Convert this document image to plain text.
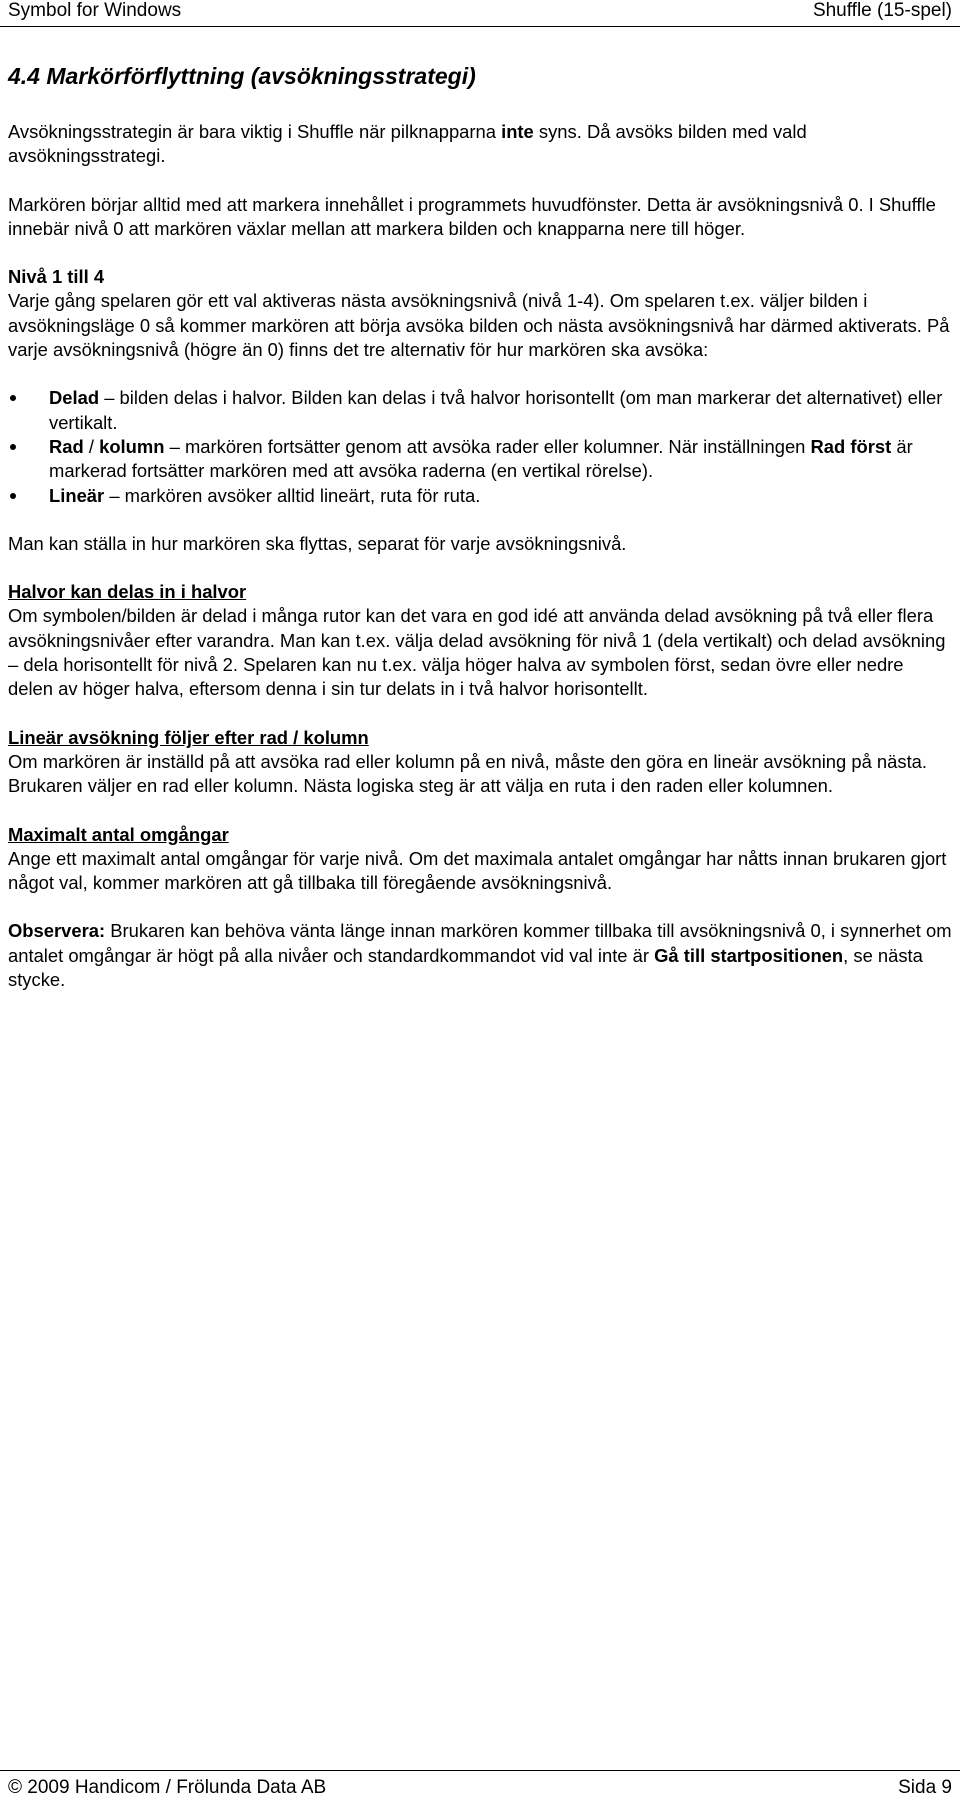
Symbol for Windows	Shuffle (15-spel)
4.4 Markörförflyttning (avsökningsstrategi)

Avsökningsstrategin är bara viktig i Shuffle när pilknapparna inte syns. Då avsöks bilden med vald avsökningsstrategi.

Markören börjar alltid med att markera innehållet i programmets huvudfönster. Detta är avsökningsnivå 0. I Shuffle innebär nivå 0 att markören växlar mellan att markera bilden och knapparna nere till höger.

Nivå 1 till 4
Varje gång spelaren gör ett val aktiveras nästa avsökningsnivå (nivå 1-4). Om spelaren t.ex. väljer bilden i avsökningsläge 0 så kommer markören att börja avsöka bilden och nästa avsökningsnivå har därmed aktiverats. På varje avsökningsnivå (högre än 0) finns det tre alternativ för hur markören ska avsöka:

Delad – bilden delas i halvor. Bilden kan delas i två halvor horisontellt (om man markerar det alternativet) eller vertikalt.
Rad / kolumn – markören fortsätter genom att avsöka rader eller kolumner. När inställningen Rad först är markerad fortsätter markören med att avsöka raderna (en vertikal rörelse).
Lineär – markören avsöker alltid lineärt, ruta för ruta.

Man kan ställa in hur markören ska flyttas, separat för varje avsökningsnivå.

Halvor kan delas in i halvor
Om symbolen/bilden är delad i många rutor kan det vara en god idé att använda delad avsökning på två eller flera avsökningsnivåer efter varandra. Man kan t.ex. välja delad avsökning för nivå 1 (dela vertikalt) och delad avsökning – dela horisontellt för nivå 2. Spelaren kan nu t.ex. välja höger halva av symbolen först, sedan övre eller nedre delen av höger halva, eftersom denna i sin tur delats in i två halvor horisontellt.

Lineär avsökning följer efter rad / kolumn
Om markören är inställd på att avsöka rad eller kolumn på en nivå, måste den göra en lineär avsökning på nästa. Brukaren väljer en rad eller kolumn. Nästa logiska steg är att välja en ruta i den raden eller kolumnen.

Maximalt antal omgångar
Ange ett maximalt antal omgångar för varje nivå. Om det maximala antalet omgångar har nåtts innan brukaren gjort något val, kommer markören att gå tillbaka till föregående avsökningsnivå.

Observera: Brukaren kan behöva vänta länge innan markören kommer tillbaka till avsökningsnivå 0, i synnerhet om antalet omgångar är högt på alla nivåer och standardkommandot vid val inte är Gå till startpositionen, se nästa stycke.

© 2009 Handicom / Frölunda Data AB	Sida 9
